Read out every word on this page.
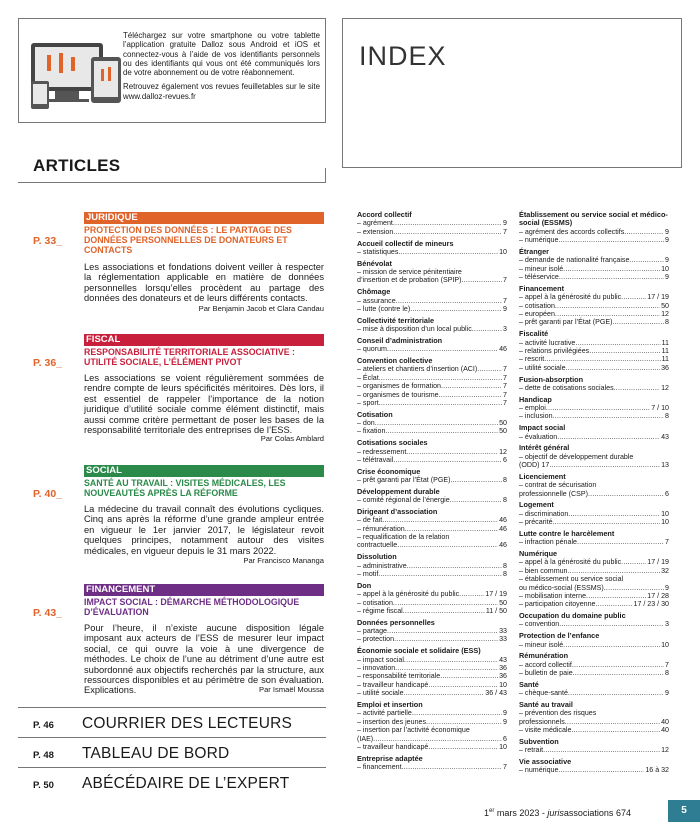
Téléchargez sur votre smartphone ou votre tablette l’application gratuite Dalloz sous Android et iOS et connectez-vous à l’aide de vos identifiants personnels ou des identifiants qui vous ont été communiqués lors de votre abonnement ou de votre réabonnement.

Retrouvez également vos revues feuilletables sur le site www.dalloz-revues.fr

INDEX
ARTICLES
P. 33_
JURIDIQUE
PROTECTION DES DONNÉES : LE PARTAGE DES DONNÉES PERSONNELLES DE DONATEURS ET CONTACTS
Les associations et fondations doivent veiller à respecter la réglementation applicable en matière de données personnelles lorsqu’elles procèdent au partage des données des donateurs et de leurs différents contacts.
Par Benjamin Jacob et Clara Candau
P. 36_
FISCAL
RESPONSABILITÉ TERRITORIALE ASSOCIATIVE : UTILITÉ SOCIALE, L’ÉLÉMENT PIVOT
Les associations se voient régulièrement sommées de rendre compte de leurs spécificités méritoires. Dès lors, il est essentiel de rappeler l’importance de la notion juridique d’utilité sociale comme élément distinctif, mais aussi comme critère permettant de poser les bases de la responsabilité territoriale des entreprises de l’ESS.
Par Colas Amblard
P. 40_
SOCIAL
SANTÉ AU TRAVAIL : VISITES MÉDICALES, LES NOUVEAUTÉS APRÈS LA RÉFORME
La médecine du travail connaît des évolutions cycliques. Cinq ans après la réforme d’une grande ampleur entrée en vigueur le 1er janvier 2017, le législateur revoit quelques principes, notamment autour des visites médicales, en vigueur depuis le 31 mars 2022.
Par Francisco Mananga
P. 43_
FINANCEMENT
IMPACT SOCIAL : DÉMARCHE MÉTHODOLOGIQUE D’ÉVALUATION
Pour l’heure, il n’existe aucune disposition légale imposant aux acteurs de l’ESS de mesurer leur impact social, ce qui ouvre la voie à une divergence de méthodes. Le choix de l’une au détriment d’une autre est subordonné aux objectifs recherchés par la structure, aux ressources disponibles et au périmètre de son évaluation. Explications.	Par Ismaël Moussa
P. 46 COURRIER DES LECTEURS
P. 48 TABLEAU DE BORD
P. 50 ABÉCÉDAIRE DE L’EXPERT
Accord collectif
– agrément .....	9
– extension .....	7
Accueil collectif de mineurs
– statistiques .....	10
Bénévolat
– mission de service pénitentiaire
d’insertion et de probation (SPIP) .....	7
Chômage
– assurance .....	7
– lutte (contre le) .....	9
Collectivité territoriale
– mise à disposition d’un local public .....	3
Conseil d’administration
– quorum .....	46
Convention collective
– ateliers et chantiers d’insertion (ACI) .....	7
– Éclat .....	7
– organismes de formation .....	7
– organismes de tourisme .....	7
– sport .....	7
Cotisation
– don .....	50
– fixation .....	50
Cotisations sociales
– redressement .....	12
– télétravail .....	6
Crise économique
– prêt garanti par l’État (PGE) .....	8
Développement durable
– comité régional de l’énergie .....	8
Dirigeant d’association
– de fait .....	46
– rémunération .....	46
– requalification de la relation
contractuelle .....	46
Dissolution
– administrative .....	8
– motif .....	8
Don
– appel à la générosité du public .....	17 / 19
– cotisation .....	50
– régime fiscal .....	11 / 50
Données personnelles
– partage .....	33
– protection .....	33
Économie sociale et solidaire (ESS)
– impact social .....	43
– innovation .....	36
– responsabilité territoriale .....	36
– travailleur handicapé .....	10
– utilité sociale .....	36 / 43
Emploi et insertion
– activité partielle .....	9
– insertion des jeunes .....	9
– insertion par l’activité économique
(IAE) .....	6
– travailleur handicapé .....	10
Entreprise adaptée
– financement .....	7
Établissement ou service social et médico-social (ESSMS)
– agrément des accords collectifs .....	9
– numérique .....	9
Étranger
– demande de nationalité française .....	9
– mineur isolé .....	10
– téléservice .....	9
Financement
– appel à la générosité du public .....	17 / 19
– cotisation .....	50
– européen .....	12
– prêt garanti par l’État (PGE) .....	8
Fiscalité
– activité lucrative .....	11
– relations privilégiées .....	11
– rescrit .....	11
– utilité sociale .....	36
Fusion-absorption
– dette de cotisations sociales .....	12
Handicap
– emploi .....	7 / 10
– inclusion .....	8
Impact social
– évaluation .....	43
Intérêt général
– objectif de développement durable
(ODD) 17 .....	13
Licenciement
– contrat de sécurisation
professionnelle (CSP) .....	6
Logement
– discrimination .....	10
– précarité .....	10
Lutte contre le harcèlement
– infraction pénale .....	7
Numérique
– appel à la générosité du public .....	17 / 19
– bien commun .....	32
– établissement ou service social
ou médico-social (ESSMS) .....	9
– mobilisation interne .....	17 / 28
– participation citoyenne .....	17 / 23 / 30
Occupation du domaine public
– convention .....	3
Protection de l’enfance
– mineur isolé .....	10
Rémunération
– accord collectif .....	7
– bulletin de paie .....	8
Santé
– chèque-santé .....	9
Santé au travail
– prévention des risques
professionnels .....	40
– visite médicale .....	40
Subvention
– retrait .....	12
Vie associative
– numérique .....	16 à 32
1er mars 2023 - jurisassociations 674	5
